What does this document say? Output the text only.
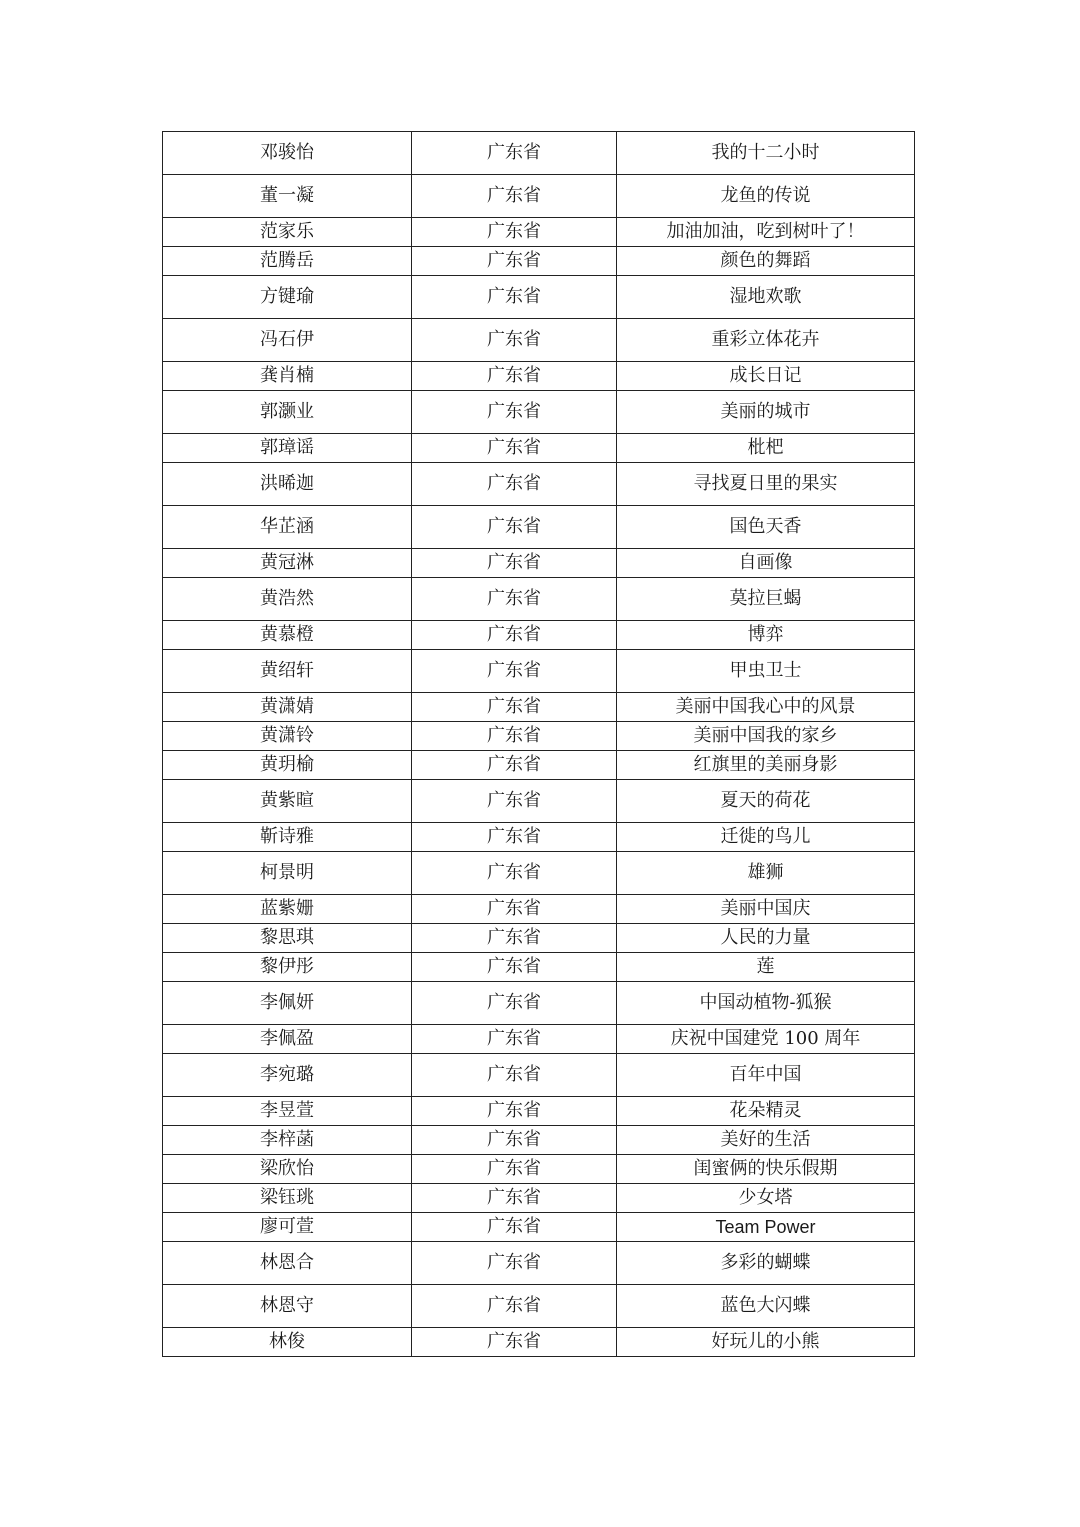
邓骏怡	广东省	我的十二小时
董一凝	广东省	龙鱼的传说
范家乐	广东省	加油加油，吃到树叶了！
范腾岳	广东省	颜色的舞蹈
方键瑜	广东省	湿地欢歌
冯石伊	广东省	重彩立体花卉
龚肖楠	广东省	成长日记
郭灏业	广东省	美丽的城市
郭璋谣	广东省	枇杷
洪晞迦	广东省	寻找夏日里的果实
华芷涵	广东省	国色天香
黄冠淋	广东省	自画像
黄浩然	广东省	莫拉巨蝎
黄慕橙	广东省	博弈
黄绍轩	广东省	甲虫卫士
黄潇婧	广东省	美丽中国我心中的风景
黄潇铃	广东省	美丽中国我的家乡
黄玥榆	广东省	红旗里的美丽身影
黄紫暄	广东省	夏天的荷花
靳诗雅	广东省	迁徙的鸟儿
柯景明	广东省	雄狮
蓝紫姗	广东省	美丽中国庆
黎思琪	广东省	人民的力量
黎伊彤	广东省	莲
李佩妍	广东省	中国动植物-狐猴
李佩盈	广东省	庆祝中国建党 100 周年
李宛璐	广东省	百年中国
李昱萱	广东省	花朵精灵
李梓菡	广东省	美好的生活
梁欣怡	广东省	闺蜜俩的快乐假期
梁钰珧	广东省	少女塔
廖可萱	广东省	Team Power
林恩合	广东省	多彩的蝴蝶
林恩守	广东省	蓝色大闪蝶
林俊	广东省	好玩儿的小熊
